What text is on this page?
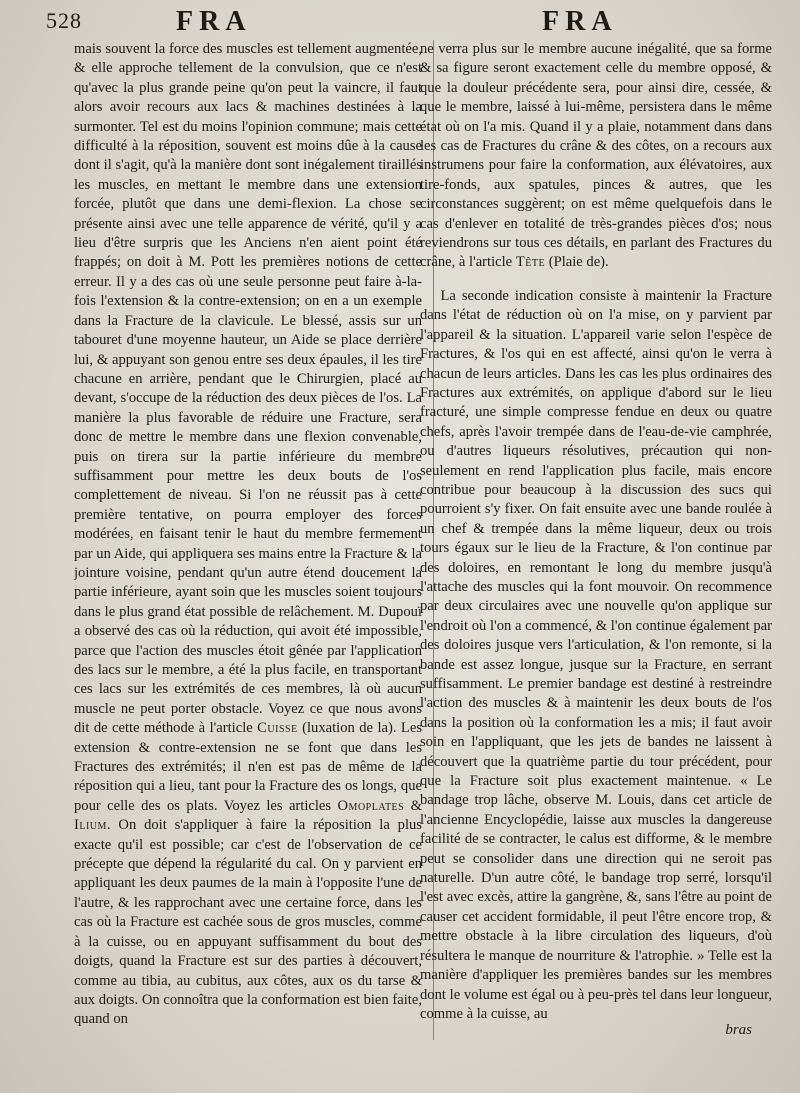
528	FRA	FRA

mais souvent la force des muscles est tellement augmentée, & elle approche tellement de la convulsion, que ce n'est qu'avec la plus grande peine qu'on peut la vaincre, il faut alors avoir recours aux lacs & machines destinées à la surmonter. Tel est du moins l'opinion commune; mais cette difficulté à la réposition, souvent est moins dûe à la cause dont il s'agit, qu'à la manière dont sont inégalement tiraillés les muscles, en mettant le membre dans une extension forcée, plutôt que dans une demi-flexion. La chose se présente ainsi avec une telle apparence de vérité, qu'il y a lieu d'être surpris que les Anciens n'en aient point été frappés; on doit à M. Pott les premières notions de cette erreur. Il y a des cas où une seule personne peut faire à-la-fois l'extension & la contre-extension; on en a un exemple dans la Fracture de la clavicule. Le blessé, assis sur un tabouret d'une moyenne hauteur, un Aide se place derrière lui, & appuyant son genou entre ses deux épaules, il les tire chacune en arrière, pendant que le Chirurgien, placé au devant, s'occupe de la réduction des deux pièces de l'os. La manière la plus favorable de réduire une Fracture, sera donc de mettre le membre dans une flexion convenable, puis on tirera sur la partie inférieure du membre suffisamment pour mettre les deux bouts de l'os complettement de niveau. Si l'on ne réussit pas à cette première tentative, on pourra employer des forces modérées, en faisant tenir le haut du membre fermement par un Aide, qui appliquera ses mains entre la Fracture & la jointure voisine, pendant qu'un autre étend doucement la partie inférieure, ayant soin que les muscles soient toujours dans le plus grand état possible de relâchement. M. Dupouï a observé des cas où la réduction, qui avoit été impossible, parce que l'action des muscles étoit gênée par l'application des lacs sur le membre, a été la plus facile, en transportant ces lacs sur les extrémités de ces membres, là où aucun muscle ne peut porter obstacle. Voyez ce que nous avons dit de cette méthode à l'article Cuisse (luxation de la). Les extension & contre-extension ne se font que dans les Fractures des extrémités; il n'en est pas de même de la réposition qui a lieu, tant pour la Fracture des os longs, que pour celle des os plats. Voyez les articles Omoplates & Ilium. On doit s'appliquer à faire la réposition la plus exacte qu'il est possible; car c'est de l'observation de ce précepte que dépend la régularité du cal. On y parvient en appliquant les deux paumes de la main à l'opposite l'une de l'autre, & les rapprochant avec une certaine force, dans les cas où la Fracture est cachée sous de gros muscles, comme à la cuisse, ou en appuyant suffisamment du bout des doigts, quand la Fracture est sur des parties à découvert, comme au tibia, au cubitus, aux côtes, aux os du tarse & aux doigts. On connoîtra que la conformation est bien faite, quand on

ne verra plus sur le membre aucune inégalité, que sa forme & sa figure seront exactement celle du membre opposé, & que la douleur précédente sera, pour ainsi dire, cessée, & que le membre, laissé à lui-même, persistera dans le même état où on l'a mis. Quand il y a plaie, notamment dans dans les cas de Fractures du crâne & des côtes, on a recours aux instrumens pour faire la conformation, aux élévatoires, aux tire-fonds, aux spatules, pinces & autres, que les circonstances suggèrent; on est même quelquefois dans le cas d'enlever en totalité de très-grandes pièces d'os; nous reviendrons sur tous ces détails, en parlant des Fractures du crâne, à l'article Tête (Plaie de).

La seconde indication consiste à maintenir la Fracture dans l'état de réduction où on l'a mise, on y parvient par l'appareil & la situation. L'appareil varie selon l'espèce de Fractures, & l'os qui en est affecté, ainsi qu'on le verra à chacun de leurs articles. Dans les cas les plus ordinaires des Fractures aux extrémités, on applique d'abord sur le lieu fracturé, une simple compresse fendue en deux ou quatre chefs, après l'avoir trempée dans de l'eau-de-vie camphrée, ou d'autres liqueurs résolutives, précaution qui non-seulement en rend l'application plus facile, mais encore contribue pour beaucoup à la discussion des sucs qui pourroient s'y fixer. On fait ensuite avec une bande roulée à un chef & trempée dans la même liqueur, deux ou trois tours égaux sur le lieu de la Fracture, & l'on continue par des doloires, en remontant le long du membre jusqu'à l'attache des muscles qui la font mouvoir. On recommence par deux circulaires avec une nouvelle qu'on applique sur l'endroit où l'on a commencé, & l'on continue également par des doloires jusque vers l'articulation, & l'on remonte, si la bande est assez longue, jusque sur la Fracture, en serrant suffisamment. Le premier bandage est destiné à restreindre l'action des muscles & à maintenir les deux bouts de l'os dans la position où la conformation les a mis; il faut avoir soin en l'appliquant, que les jets de bandes ne laissent à découvert que la quatrième partie du tour précédent, pour que la Fracture soit plus exactement maintenue. « Le bandage trop lâche, observe M. Louis, dans cet article de l'ancienne Encyclopédie, laisse aux muscles la dangereuse facilité de se contracter, le calus est difforme, & le membre peut se consolider dans une direction qui ne seroit pas naturelle. D'un autre côté, le bandage trop serré, lorsqu'il l'est avec excès, attire la gangrène, &, sans l'être au point de causer cet accident formidable, il peut l'être encore trop, & mettre obstacle à la libre circulation des liqueurs, d'où résultera le manque de nourriture & l'atrophie. » Telle est la manière d'appliquer les premières bandes sur les membres dont le volume est égal ou à peu-près tel dans leur longueur, comme à la cuisse, au

bras
